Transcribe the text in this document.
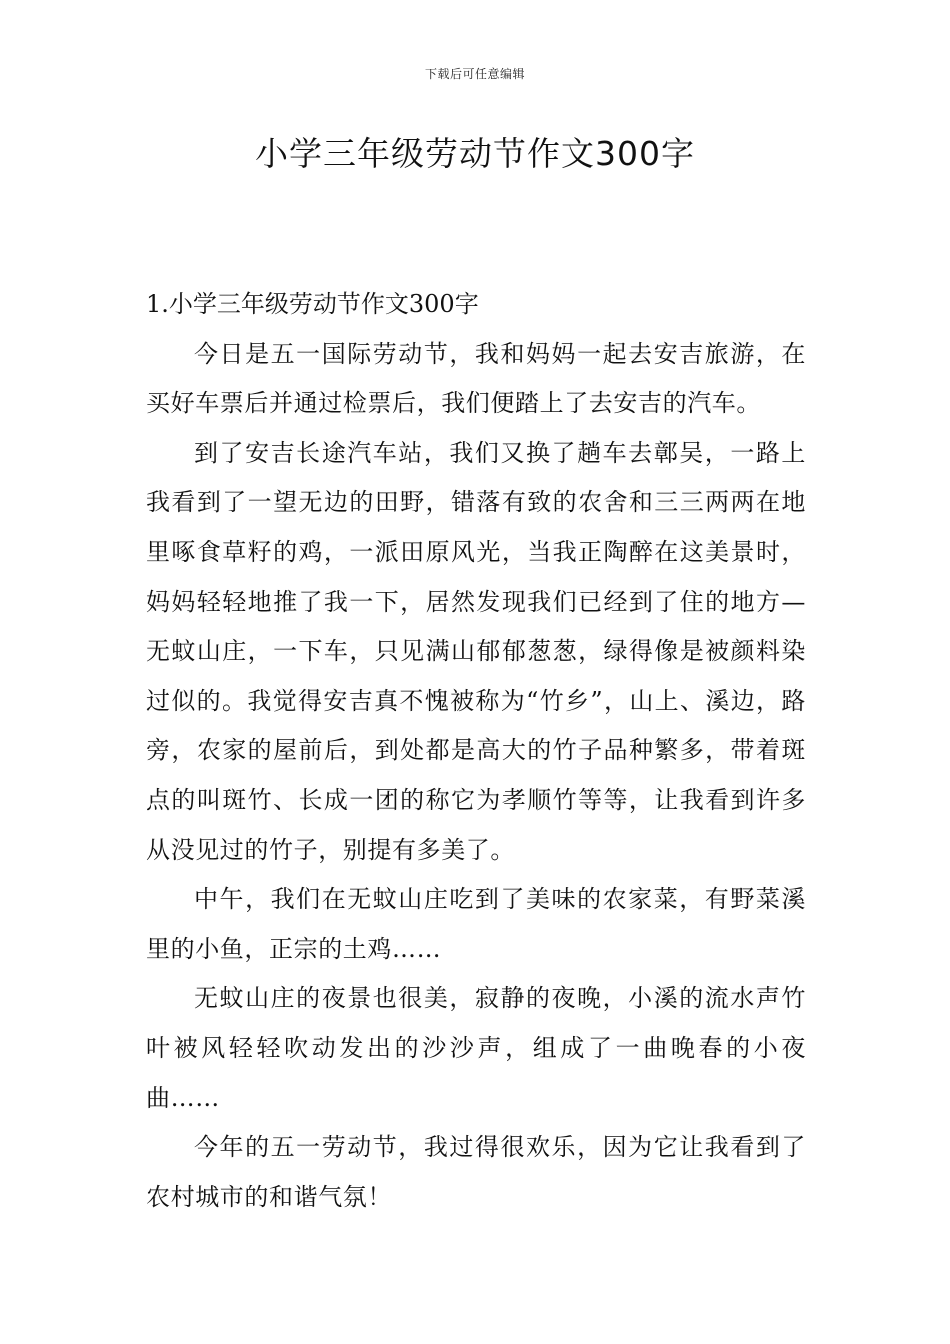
下载后可任意编辑
小学三年级劳动节作文300字

1.小学三年级劳动节作文300字

今日是五一国际劳动节，我和妈妈一起去安吉旅游，在买好车票后并通过检票后，我们便踏上了去安吉的汽车。

到了安吉长途汽车站，我们又换了趟车去鄣吴，一路上我看到了一望无边的田野，错落有致的农舍和三三两两在地里啄食草籽的鸡，一派田原风光，当我正陶醉在这美景时，妈妈轻轻地推了我一下，居然发现我们已经到了住的地方—无蚊山庄，一下车，只见满山郁郁葱葱，绿得像是被颜料染过似的。我觉得安吉真不愧被称为“竹乡”，山上、溪边，路旁，农家的屋前后，到处都是高大的竹子品种繁多，带着斑点的叫斑竹、长成一团的称它为孝顺竹等等，让我看到许多从没见过的竹子，别提有多美了。

中午，我们在无蚊山庄吃到了美味的农家菜，有野菜溪里的小鱼，正宗的土鸡……

无蚊山庄的夜景也很美，寂静的夜晚，小溪的流水声竹叶被风轻轻吹动发出的沙沙声，组成了一曲晚春的小夜曲……

今年的五一劳动节，我过得很欢乐，因为它让我看到了农村城市的和谐气氛！
